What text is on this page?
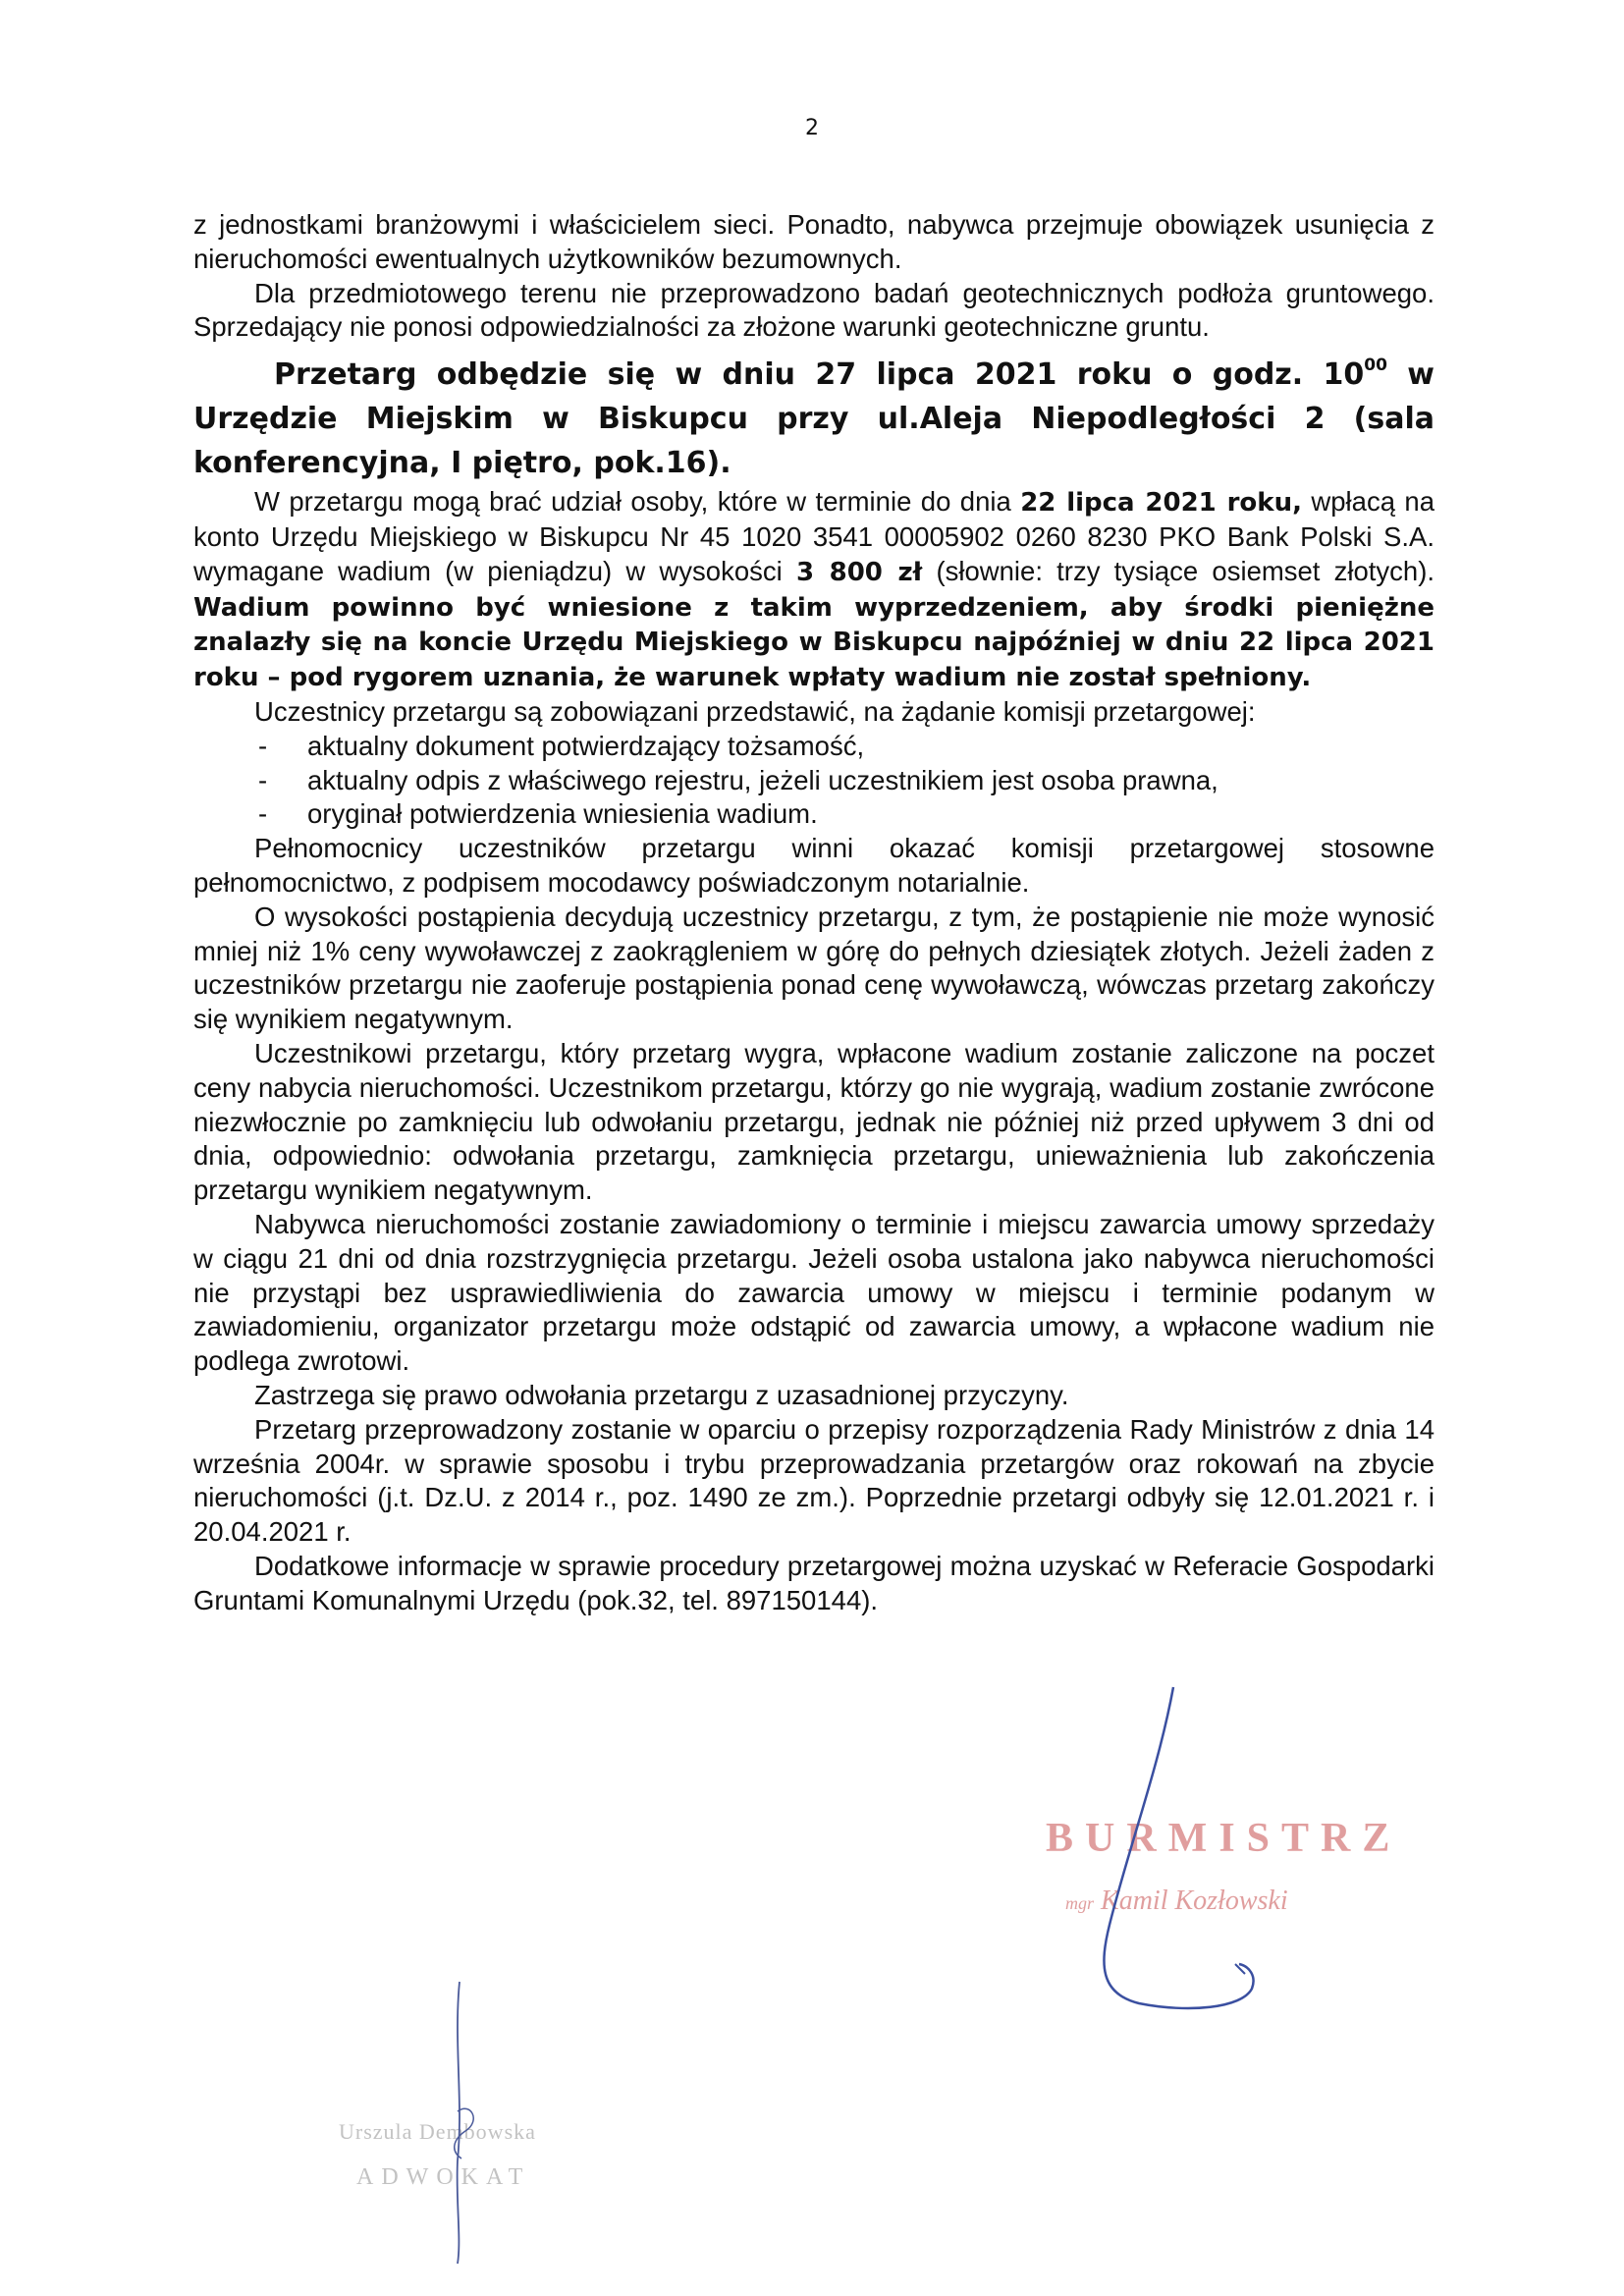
2

z jednostkami branżowymi i właścicielem sieci. Ponadto, nabywca przejmuje obowiązek usunięcia z nieruchomości ewentualnych użytkowników bezumownych.

Dla przedmiotowego terenu nie przeprowadzono badań geotechnicznych podłoża gruntowego. Sprzedający nie ponosi odpowiedzialności za złożone warunki geotechniczne gruntu.

Przetarg odbędzie się w dniu 27 lipca 2021 roku o godz. $10^{00}$ w Urzędzie Miejskim w Biskupcu przy ul.Aleja Niepodległości 2 (sala konferencyjna, I piętro, pok.16).

W przetargu mogą brać udział osoby, które w terminie do dnia 22 lipca 2021 roku, wpłacą na konto Urzędu Miejskiego w Biskupcu Nr 45 1020 3541 00005902 0260 8230 PKO Bank Polski S.A. wymagane wadium (w pieniądzu) w wysokości 3 800 zł (słownie: trzy tysiące osiemset złotych). Wadium powinno być wniesione z takim wyprzedzeniem, aby środki pieniężne znalazły się na koncie Urzędu Miejskiego w Biskupcu najpóźniej w dniu 22 lipca 2021 roku – pod rygorem uznania, że warunek wpłaty wadium nie został spełniony.

Uczestnicy przetargu są zobowiązani przedstawić, na żądanie komisji przetargowej:

- aktualny dokument potwierdzający tożsamość,
- aktualny odpis z właściwego rejestru, jeżeli uczestnikiem jest osoba prawna,
- oryginał potwierdzenia wniesienia wadium.

Pełnomocnicy uczestników przetargu winni okazać komisji przetargowej stosowne pełnomocnictwo, z podpisem mocodawcy poświadczonym notarialnie.

O wysokości postąpienia decydują uczestnicy przetargu, z tym, że postąpienie nie może wynosić mniej niż 1% ceny wywoławczej z zaokrągleniem w górę do pełnych dziesiątek złotych. Jeżeli żaden z uczestników przetargu nie zaoferuje postąpienia ponad cenę wywoławczą, wówczas przetarg zakończy się wynikiem negatywnym.

Uczestnikowi przetargu, który przetarg wygra, wpłacone wadium zostanie zaliczone na poczet ceny nabycia nieruchomości. Uczestnikom przetargu, którzy go nie wygrają, wadium zostanie zwrócone niezwłocznie po zamknięciu lub odwołaniu przetargu, jednak nie później niż przed upływem 3 dni od dnia, odpowiednio: odwołania przetargu, zamknięcia przetargu, unieważnienia lub zakończenia przetargu wynikiem negatywnym.

Nabywca nieruchomości zostanie zawiadomiony o terminie i miejscu zawarcia umowy sprzedaży w ciągu 21 dni od dnia rozstrzygnięcia przetargu. Jeżeli osoba ustalona jako nabywca nieruchomości nie przystąpi bez usprawiedliwienia do zawarcia umowy w miejscu i terminie podanym w zawiadomieniu, organizator przetargu może odstąpić od zawarcia umowy, a wpłacone wadium nie podlega zwrotowi.

Zastrzega się prawo odwołania przetargu z uzasadnionej przyczyny.

Przetarg przeprowadzony zostanie w oparciu o przepisy rozporządzenia Rady Ministrów z dnia 14 września 2004r. w sprawie sposobu i trybu przeprowadzania przetargów oraz rokowań na zbycie nieruchomości (j.t. Dz.U. z 2014 r., poz. 1490 ze zm.). Poprzednie przetargi odbyły się 12.01.2021 r. i 20.04.2021 r.

Dodatkowe informacje w sprawie procedury przetargowej można uzyskać w Referacie Gospodarki Gruntami Komunalnymi Urzędu (pok.32, tel. 897150144).

BURMISTRZ
mgr Kamil Kozłowski
Urszula Dembowska
ADWOKAT
